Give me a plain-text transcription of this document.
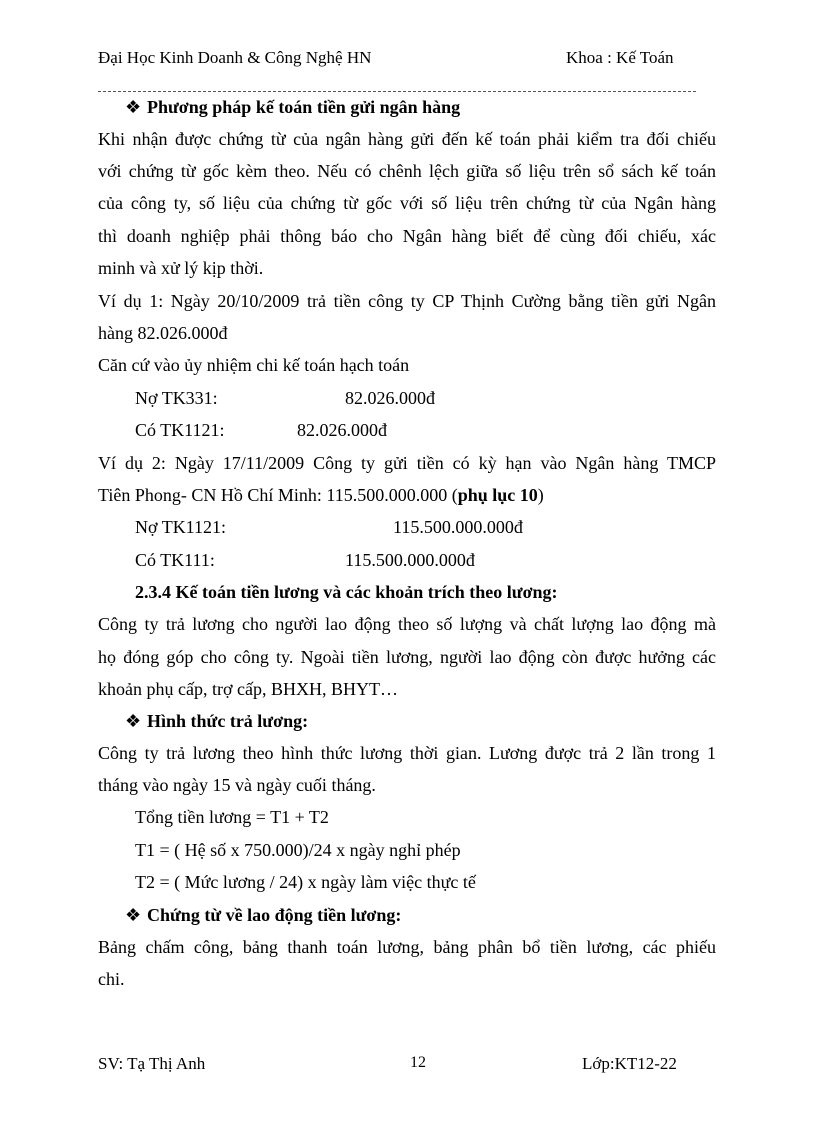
Đại Học Kinh Doanh & Công Nghệ HN	Khoa : Kế Toán
❖ Phương pháp kế toán tiền gửi ngân hàng
Khi nhận được chứng từ của ngân hàng gửi đến kế toán phải kiểm tra đối chiếu
với chứng từ gốc kèm theo. Nếu có chênh lệch giữa số liệu trên sổ sách kế toán
của công ty, số liệu của chứng từ gốc với số liệu trên chứng từ của Ngân hàng
thì doanh nghiệp phải thông báo cho Ngân hàng biết để cùng đối chiếu, xác
minh và xử lý kịp thời.
Ví dụ 1: Ngày 20/10/2009 trả tiền công ty CP Thịnh Cường bằng tiền gửi Ngân
hàng 82.026.000đ
Căn cứ vào ủy nhiệm chi kế toán hạch toán
Nợ TK331:	82.026.000đ
Có TK1121:	82.026.000đ
Ví dụ 2: Ngày 17/11/2009 Công ty gửi tiền có kỳ hạn vào Ngân hàng TMCP
Tiên Phong- CN Hồ Chí Minh: 115.500.000.000 (phụ lục 10)
Nợ TK1121:	115.500.000.000đ
Có TK111:	115.500.000.000đ
2.3.4 Kế toán tiền lương và các khoản trích theo lương:
Công ty trả lương cho người lao động theo số lượng và chất lượng lao động mà
họ đóng góp cho công ty. Ngoài tiền lương, người lao động còn được hưởng các
khoản phụ cấp, trợ cấp, BHXH, BHYT…
❖ Hình thức trả lương:
Công ty trả lương theo hình thức lương thời gian. Lương được trả 2 lần trong 1
tháng vào ngày 15 và ngày cuối tháng.
Tổng tiền lương = T1 + T2
T1 = ( Hệ số x 750.000)/24 x ngày nghỉ phép
T2 = ( Mức lương / 24) x ngày làm việc thực tế
❖ Chứng từ về lao động tiền lương:
Bảng chấm công, bảng thanh toán lương, bảng phân bổ tiền lương, các phiếu
chi.
SV: Tạ Thị Anh	12	Lớp:KT12-22
